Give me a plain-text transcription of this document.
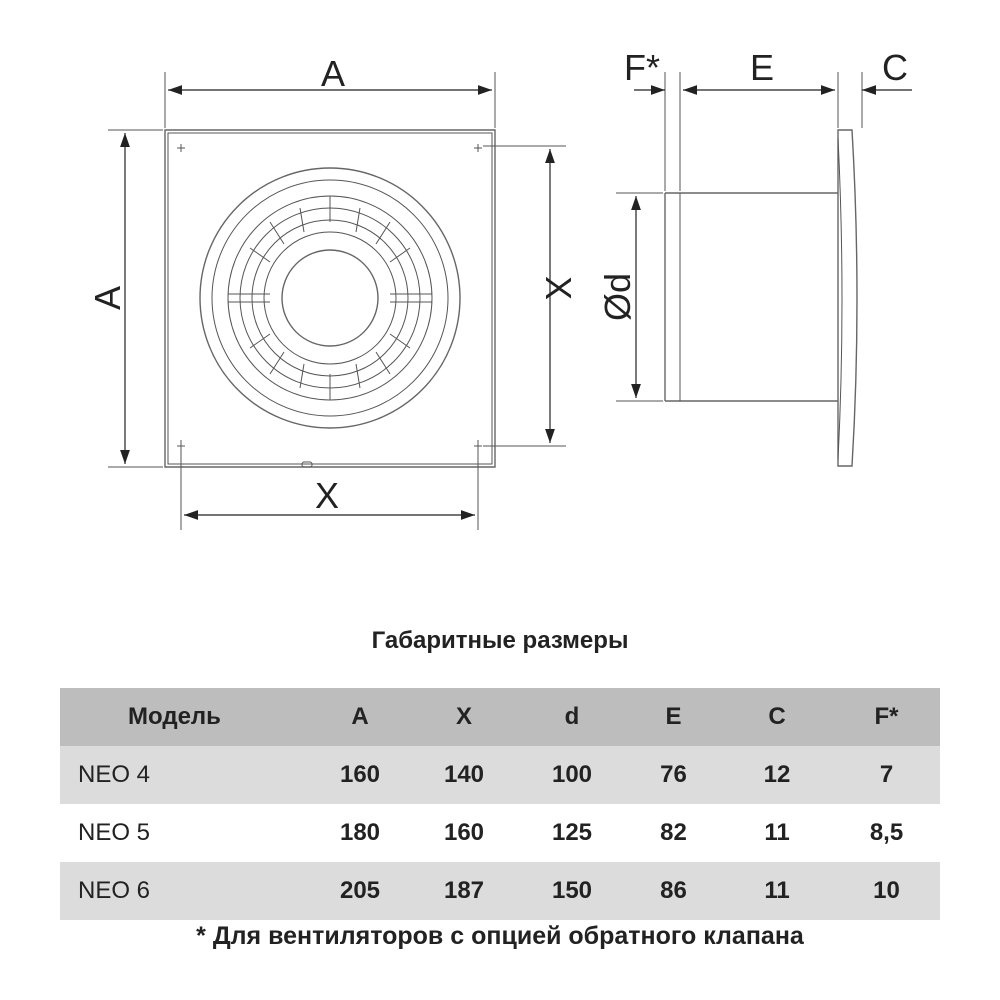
A
A	X
X
F* E	C
Ød
Габаритные размеры
Модель	A	X	d	E	C	F*
NEO 4	160	140	100	76	12	7
NEO 5	180	160	125	82	11	8,5
NEO 6	205	187	150	86	11	10
* Для вентиляторов с опцией обратного клапана
